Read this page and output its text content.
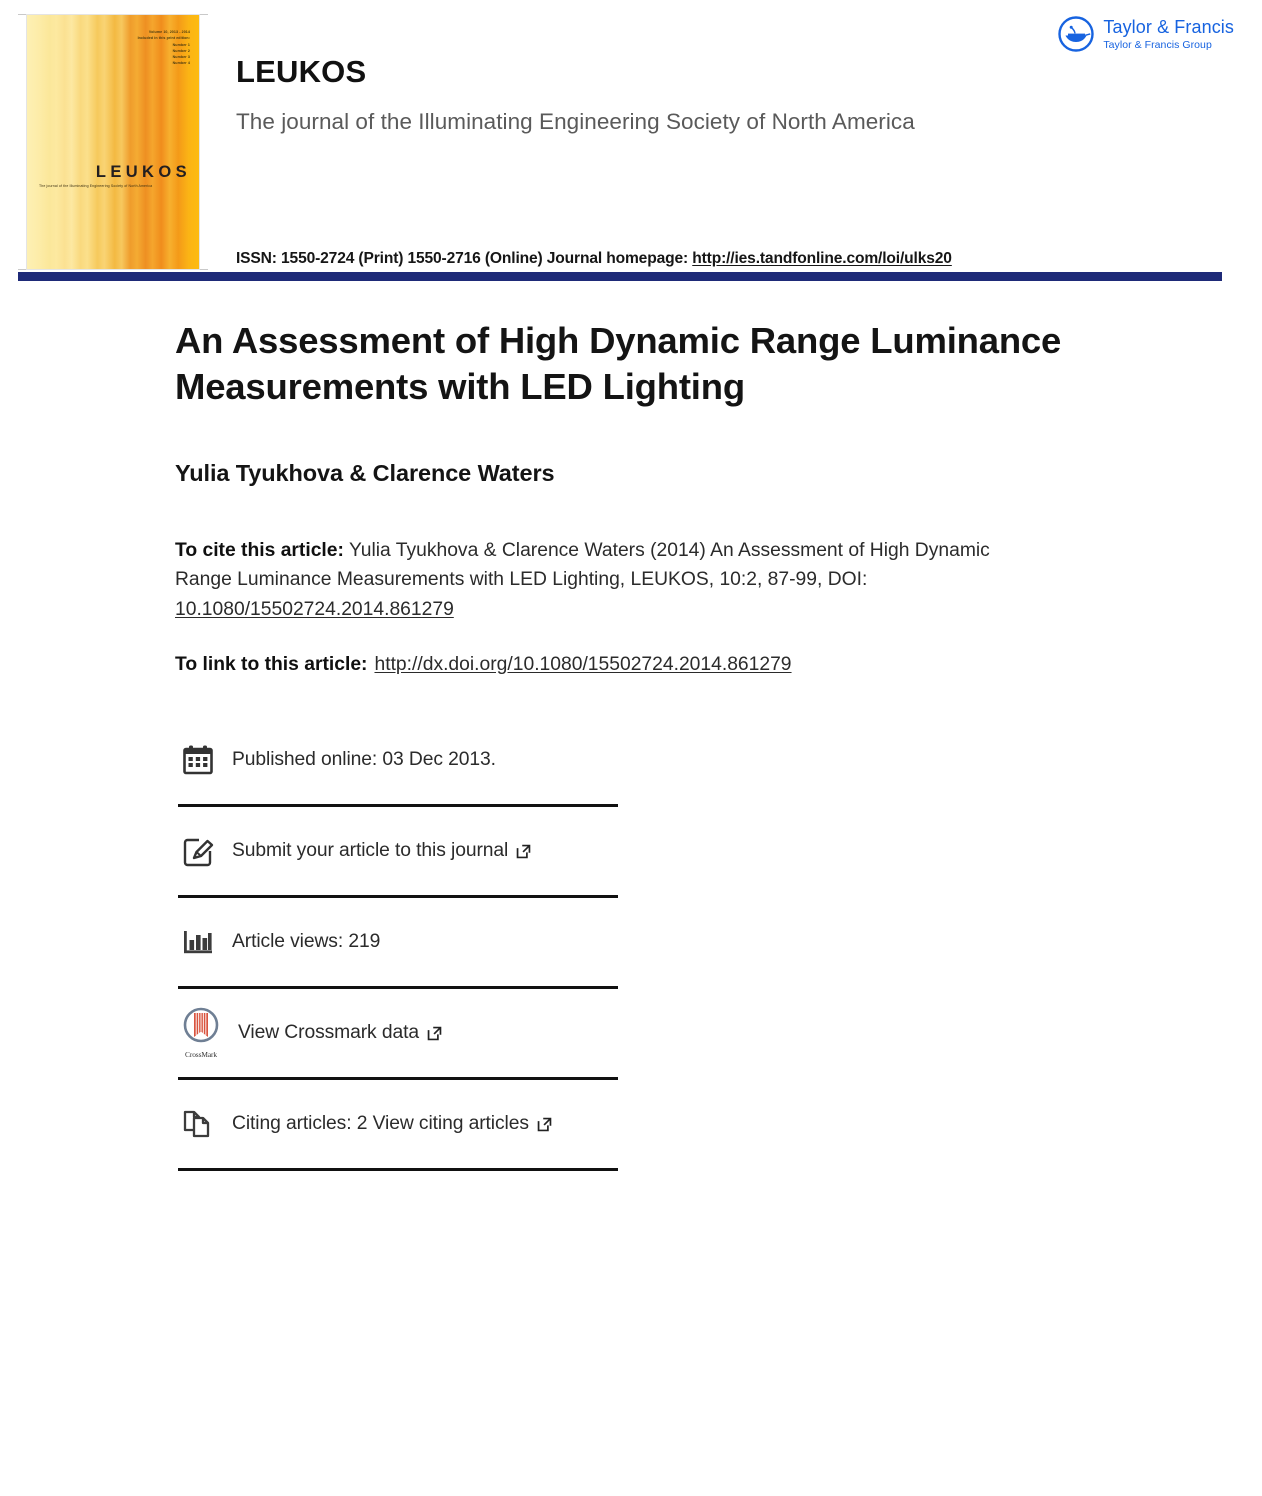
Volume 10, 2013 - 2014
Included in this print edition:
Number 1
Number 2
Number 3
Number 4
LEUKOS
The journal of the Illuminating Engineering Society of North America
LEUKOS
The journal of the Illuminating Engineering Society of North America
ISSN: 1550-2724 (Print) 1550-2716 (Online) Journal homepage: http://ies.tandfonline.com/loi/ulks20
Taylor & Francis
Taylor & Francis Group
An Assessment of High Dynamic Range Luminance Measurements with LED Lighting
Yulia Tyukhova & Clarence Waters
To cite this article: Yulia Tyukhova & Clarence Waters (2014) An Assessment of High Dynamic Range Luminance Measurements with LED Lighting, LEUKOS, 10:2, 87-99, DOI: 10.1080/15502724.2014.861279
To link to this article: http://dx.doi.org/10.1080/15502724.2014.861279
Published online: 03 Dec 2013.
Submit your article to this journal
Article views: 219
CrossMark
View Crossmark data
Citing articles: 2 View citing articles
